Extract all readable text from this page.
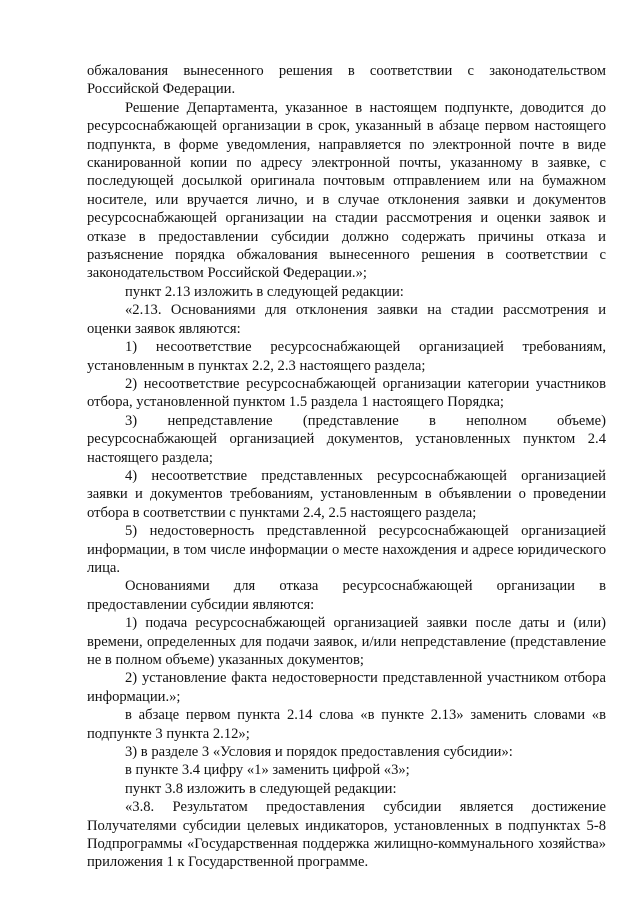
обжалования вынесенного решения в соответствии с законодательством Российской Федерации.

Решение Департамента, указанное в настоящем подпункте, доводится до ресурсоснабжающей организации в срок, указанный в абзаце первом настоящего подпункта, в форме уведомления, направляется по электронной почте в виде сканированной копии по адресу электронной почты, указанному в заявке, с последующей досылкой оригинала почтовым отправлением или на бумажном носителе, или вручается лично, и в случае отклонения заявки и документов ресурсоснабжающей организации на стадии рассмотрения и оценки заявок и отказе в предоставлении субсидии должно содержать причины отказа и разъяснение порядка обжалования вынесенного решения в соответствии с законодательством Российской Федерации.»;

пункт 2.13 изложить в следующей редакции:

«2.13. Основаниями для отклонения заявки на стадии рассмотрения и оценки заявок являются:

1) несоответствие ресурсоснабжающей организацией требованиям, установленным в пунктах 2.2, 2.3 настоящего раздела;

2) несоответствие ресурсоснабжающей организации категории участников отбора, установленной пунктом 1.5 раздела 1 настоящего Порядка;

3) непредставление (представление в неполном объеме) ресурсоснабжающей организацией документов, установленных пунктом 2.4 настоящего раздела;

4) несоответствие представленных ресурсоснабжающей организацией заявки и документов требованиям, установленным в объявлении о проведении отбора в соответствии с пунктами 2.4, 2.5 настоящего раздела;

5) недостоверность представленной ресурсоснабжающей организацией информации, в том числе информации о месте нахождения и адресе юридического лица.

Основаниями для отказа ресурсоснабжающей организации в предоставлении субсидии являются:

1) подача ресурсоснабжающей организацией заявки после даты и (или) времени, определенных для подачи заявок, и/или непредставление (представление не в полном объеме) указанных документов;

2) установление факта недостоверности представленной участником отбора информации.»;

в абзаце первом пункта 2.14 слова «в пункте 2.13» заменить словами «в подпункте 3 пункта 2.12»;

3) в разделе 3 «Условия и порядок предоставления субсидии»:

в пункте 3.4 цифру «1» заменить цифрой «3»;

пункт 3.8 изложить в следующей редакции:

«3.8. Результатом предоставления субсидии является достижение Получателями субсидии целевых индикаторов, установленных в подпунктах 5-8 Подпрограммы «Государственная поддержка жилищно-коммунального хозяйства» приложения 1 к Государственной программе.
